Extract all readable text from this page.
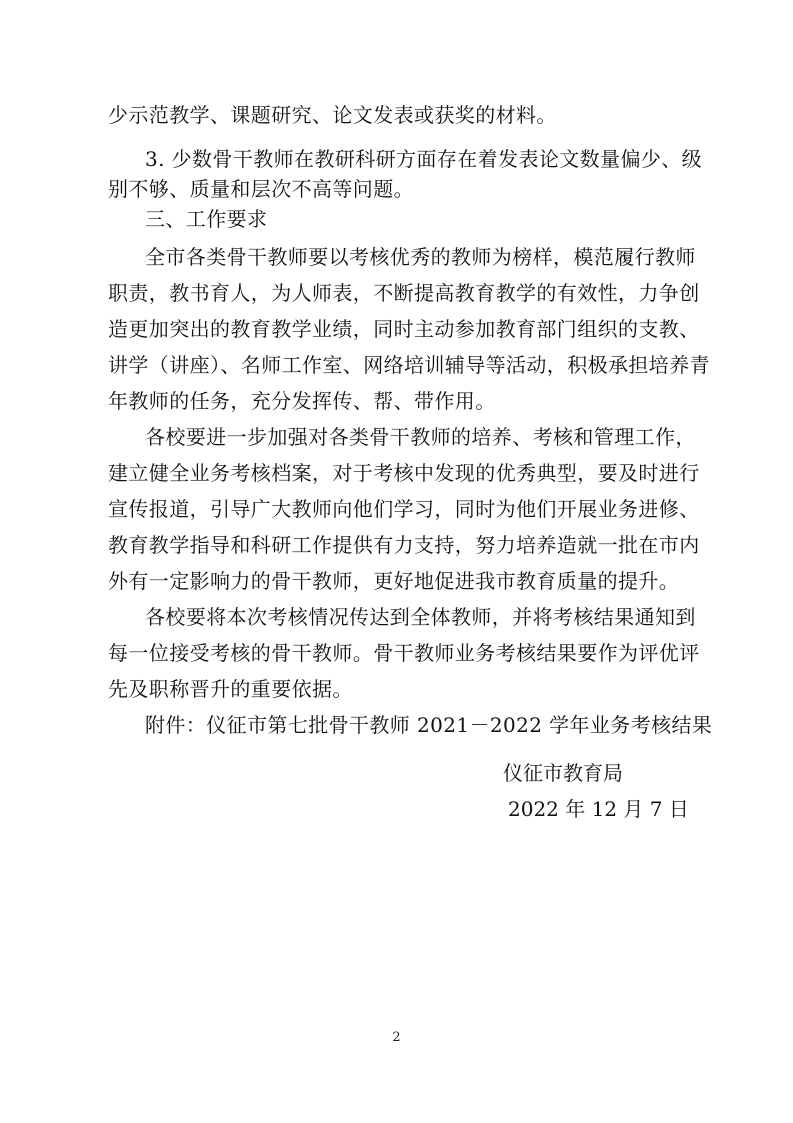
少示范教学、课题研究、论文发表或获奖的材料。
3. 少数骨干教师在教研科研方面存在着发表论文数量偏少、级
别不够、质量和层次不高等问题。
三、工作要求
全市各类骨干教师要以考核优秀的教师为榜样，模范履行教师
职责，教书育人，为人师表，不断提高教育教学的有效性，力争创
造更加突出的教育教学业绩，同时主动参加教育部门组织的支教、
讲学（讲座）、名师工作室、网络培训辅导等活动，积极承担培养青
年教师的任务，充分发挥传、帮、带作用。
各校要进一步加强对各类骨干教师的培养、考核和管理工作，
建立健全业务考核档案，对于考核中发现的优秀典型，要及时进行
宣传报道，引导广大教师向他们学习，同时为他们开展业务进修、
教育教学指导和科研工作提供有力支持，努力培养造就一批在市内
外有一定影响力的骨干教师，更好地促进我市教育质量的提升。
各校要将本次考核情况传达到全体教师，并将考核结果通知到
每一位接受考核的骨干教师。骨干教师业务考核结果要作为评优评
先及职称晋升的重要依据。
附件：仪征市第七批骨干教师 2021－2022 学年业务考核结果
仪征市教育局
2022 年 12 月 7 日
2
